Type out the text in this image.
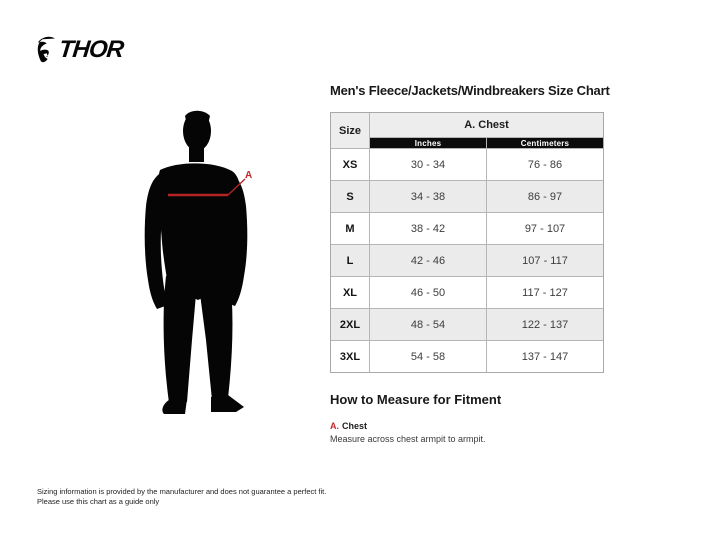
THOR
A
Men's Fleece/Jackets/Windbreakers Size Chart
Size	A. Chest
Inches	Centimeters
XS	30 - 34	76 - 86
S	34 - 38	86 - 97
M	38 - 42	97 - 107
L	42 - 46	107 - 117
XL	46 - 50	117 - 127
2XL	48 - 54	122 - 137
3XL	54 - 58	137 - 147
How to Measure for Fitment
A. Chest
Measure across chest armpit to armpit.
Sizing information is provided by the manufacturer and does not guarantee a perfect fit.
Please use this chart as a guide only
